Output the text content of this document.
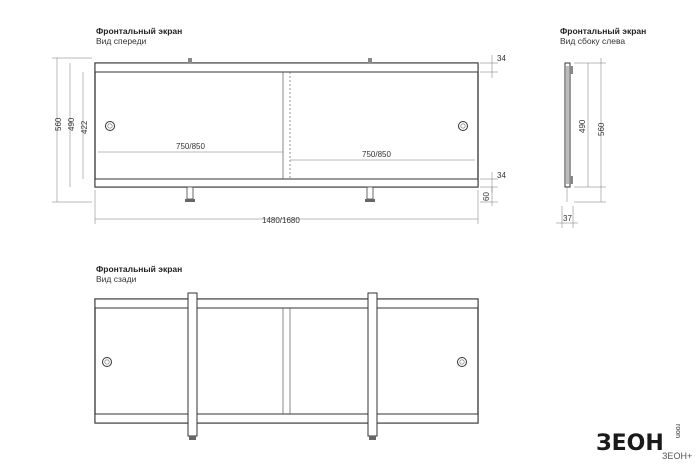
Фронтальный экран
Вид спереди
750/850
750/850
1480/1680
560 490 422
34
34
60
Фронтальный экран
Вид сбоку слева
490 560
37
Фронтальный экран
Вид сзади
ЗЕОН roon
ЗЕОН+
